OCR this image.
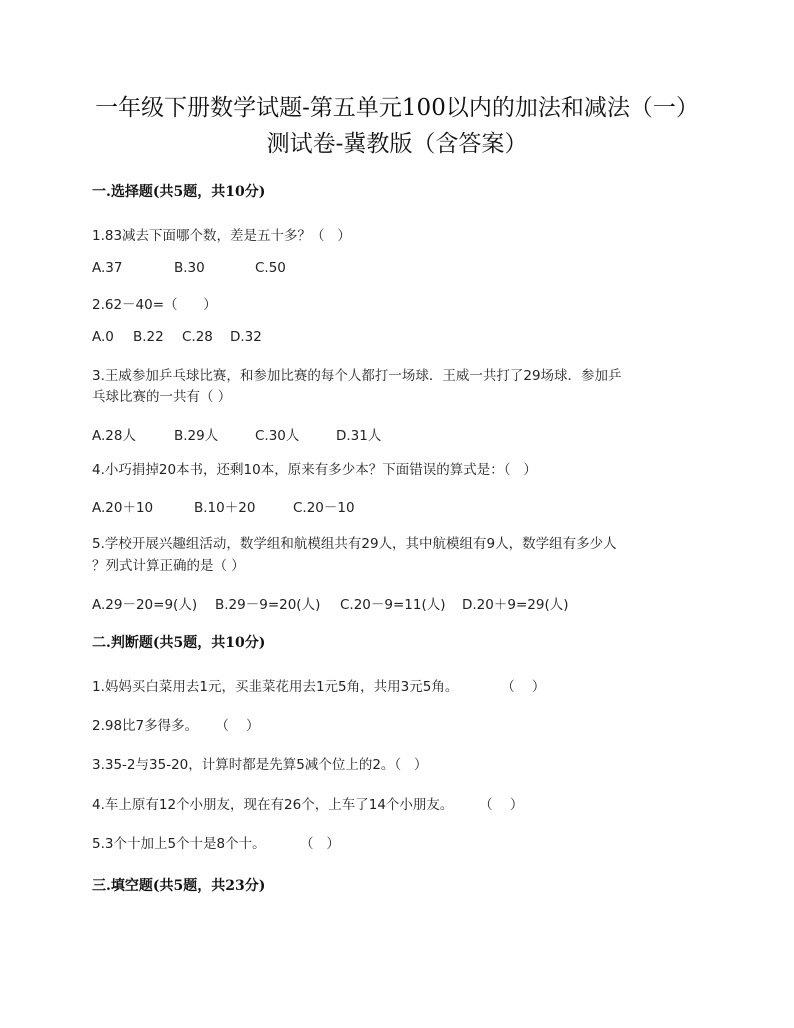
一年级下册数学试题-第五单元100以内的加法和减法（一）
测试卷-冀教版（含答案）
一.选择题(共5题，共10分)
1.83减去下面哪个数，差是五十多？（   ）
A.37	B.30	C.50
2.62－40=（      ）
A.0 B.22 C.28 D.32
3.王威参加乒乓球比赛，和参加比赛的每个人都打一场球．王威一共打了29场球．参加乒
乓球比赛的一共有（ ）
A.28人	B.29人	C.30人	D.31人
4.小巧捐掉20本书，还剩10本，原来有多少本？下面错误的算式是：（   ）
A.20＋10	B.10＋20	C.20－10
5.学校开展兴趣组活动，数学组和航模组共有29人，其中航模组有9人，数学组有多少人
？列式计算正确的是（ ）
A.29－20=9(人) B.29－9=20(人) C.20－9=11(人) D.20＋9=29(人)
二.判断题(共5题，共10分)
1.妈妈买白菜用去1元，买韭菜花用去1元5角，共用3元5角。          （    ）
2.98比7多得多。    （    ）
3.35-2与35-20，计算时都是先算5减个位上的2。（   ）
4.车上原有12个小朋友，现在有26个，上车了14个小朋友。      （    ）
5.3个十加上5个十是8个十。        （   ）
三.填空题(共5题，共23分)
